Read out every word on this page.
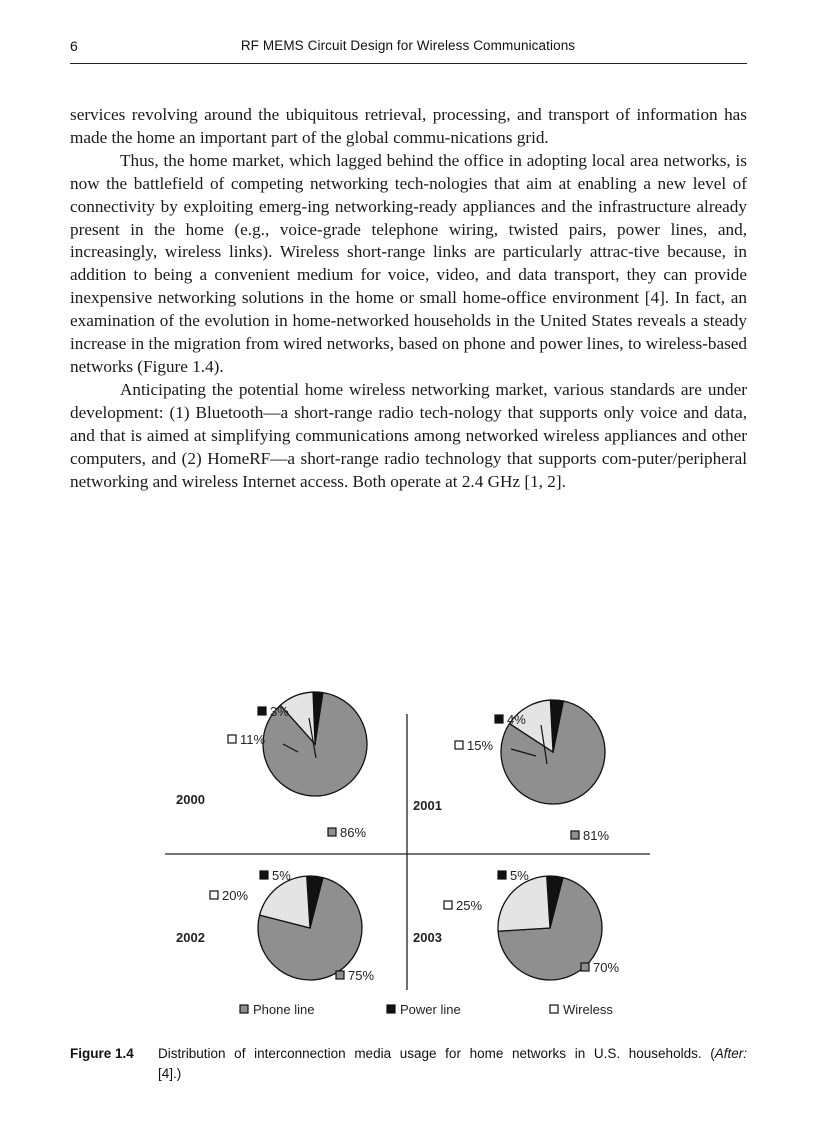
6	RF MEMS Circuit Design for Wireless Communications

services revolving around the ubiquitous retrieval, processing, and transport of information has made the home an important part of the global commu-nications grid.

Thus, the home market, which lagged behind the office in adopting local area networks, is now the battlefield of competing networking tech-nologies that aim at enabling a new level of connectivity by exploiting emerg-ing networking-ready appliances and the infrastructure already present in the home (e.g., voice-grade telephone wiring, twisted pairs, power lines, and, increasingly, wireless links). Wireless short-range links are particularly attrac-tive because, in addition to being a convenient medium for voice, video, and data transport, they can provide inexpensive networking solutions in the home or small home-office environment [4]. In fact, an examination of the evolution in home-networked households in the United States reveals a steady increase in the migration from wired networks, based on phone and power lines, to wireless-based networks (Figure 1.4).

Anticipating the potential home wireless networking market, various standards are under development: (1) Bluetooth—a short-range radio tech-nology that supports only voice and data, and that is aimed at simplifying communications among networked wireless appliances and other computers, and (2) HomeRF—a short-range radio technology that supports com-puter/peripheral networking and wireless Internet access. Both operate at 2.4 GHz [1, 2].

2000
86%
3%
11%
2001
81%
4%
15%
2002
75%
5%
20%
2003
70%
5%
25%
Phone line	Power line	Wireless
Figure 1.4 Distribution of interconnection media usage for home networks in U.S. households. (After: [4].)
